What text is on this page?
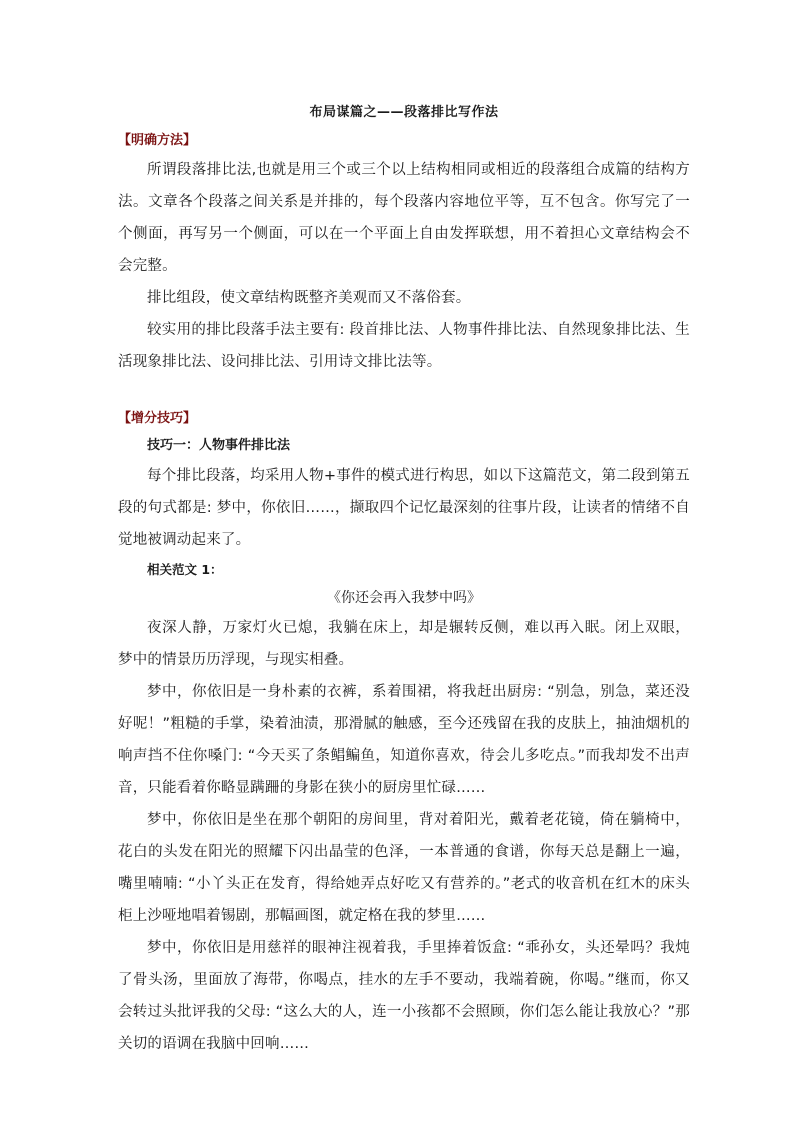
布局谋篇之——段落排比写作法

【明确方法】

所谓段落排比法,也就是用三个或三个以上结构相同或相近的段落组合成篇的结构方法。文章各个段落之间关系是并排的，每个段落内容地位平等，互不包含。你写完了一个侧面，再写另一个侧面，可以在一个平面上自由发挥联想，用不着担心文章结构会不会完整。

排比组段，使文章结构既整齐美观而又不落俗套。

较实用的排比段落手法主要有: 段首排比法、人物事件排比法、自然现象排比法、生活现象排比法、设问排比法、引用诗文排比法等。

【增分技巧】

技巧一：人物事件排比法

每个排比段落，均采用人物+事件的模式进行构思，如以下这篇范文，第二段到第五段的句式都是: 梦中，你依旧……，撷取四个记忆最深刻的往事片段，让读者的情绪不自觉地被调动起来了。

相关范文 1：

《你还会再入我梦中吗》

夜深人静，万家灯火已熄，我躺在床上，却是辗转反侧，难以再入眠。闭上双眼，梦中的情景历历浮现，与现实相叠。

梦中，你依旧是一身朴素的衣裤，系着围裙，将我赶出厨房: “别急，别急，菜还没好呢！”粗糙的手掌，染着油渍，那滑腻的触感，至今还残留在我的皮肤上，抽油烟机的响声挡不住你嗓门: “今天买了条鲳鳊鱼，知道你喜欢，待会儿多吃点。”而我却发不出声音，只能看着你略显蹒跚的身影在狭小的厨房里忙碌……

梦中，你依旧是坐在那个朝阳的房间里，背对着阳光，戴着老花镜，倚在躺椅中，花白的头发在阳光的照耀下闪出晶莹的色泽，一本普通的食谱，你每天总是翻上一遍，嘴里喃喃: “小丫头正在发育，得给她弄点好吃又有营养的。”老式的收音机在红木的床头柜上沙哑地唱着锡剧，那幅画图，就定格在我的梦里……

梦中，你依旧是用慈祥的眼神注视着我，手里捧着饭盒: “乖孙女，头还晕吗？我炖了骨头汤，里面放了海带，你喝点，挂水的左手不要动，我端着碗，你喝。”继而，你又会转过头批评我的父母: “这么大的人，连一小孩都不会照顾，你们怎么能让我放心？”那关切的语调在我脑中回响……
